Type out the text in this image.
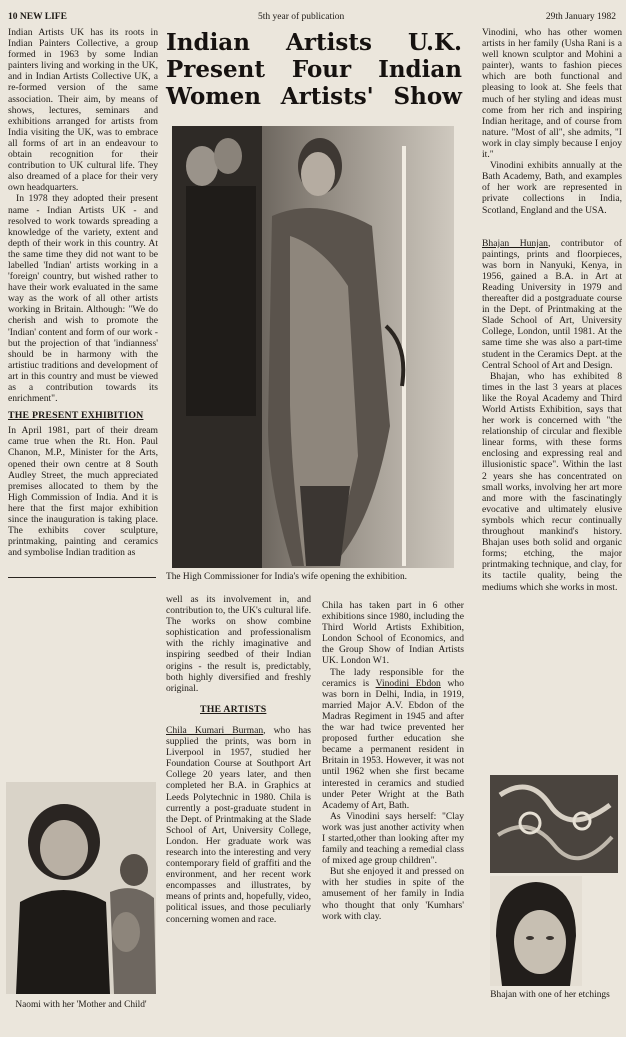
10 NEW LIFE	5th year of publication	29th January 1982
Indian Artists U.K.
Present Four Indian
Women Artists' Show

Indian Artists UK has its roots in Indian Painters Collective, a group formed in 1963 by some Indian painters living and working in the UK, and in Indian Artists Collective UK, a re-formed version of the same association. Their aim, by means of shows, lectures, seminars and exhibitions arranged for artists from India visiting the UK, was to embrace all forms of art in an endeavour to obtain recognition for their contribution to UK cultural life. They also dreamed of a place for their very own headquarters.

In 1978 they adopted their present name - Indian Artists UK - and resolved to work towards spreading a knowledge of the variety, extent and depth of their work in this country. At the same time they did not want to be labelled 'Indian' artists working in a 'foreign' country, but wished rather to have their work evaluated in the same way as the work of all other artists working in Britain. Although: "We do cherish and wish to promote the 'Indian' content and form of our work - but the projection of that 'indianness' should be in harmony with the artistiuc traditions and development of art in this country and must be viewed as a contribution towards its enrichment".

THE PRESENT EXHIBITION

In April 1981, part of their dream came true when the Rt. Hon. Paul Chanon, M.P., Minister for the Arts, opened their own centre at 8 South Audley Street, the much appreciated premises allocated to them by the High Commission of India. And it is here that the first major exhibition since the inauguration is taking place. The exhibits cover sculpture, printmaking, painting and ceramics and symbolise Indian tradition as

The High Commissioner for India's wife opening the exhibition.

well as its involvement in, and contribution to, the UK's cultural life. The works on show combine sophistication and professionalism with the richly imaginative and inspiring seedbed of their Indian origins - the result is, predictably, both highly diversified and freshly original.

THE ARTISTS

Chila Kumari Burman, who has supplied the prints, was born in Liverpool in 1957, studied her Foundation Course at Southport Art College 20 years later, and then completed her B.A. in Graphics at Leeds Polytechnic in 1980. Chila is currently a post-graduate student in the Dept. of Printmaking at the Slade School of Art, University College, London. Her graduate work was research into the interesting and very contemporary field of graffiti and the environment, and her recent work encompasses and illustrates, by means of prints and, hopefully, video, political issues, and those peculiarly concerning women and race.

Chila has taken part in 6 other exhibitions since 1980, including the Third World Artists Exhibition, London School of Economics, and the Group Show of Indian Artists UK. London W1.

The lady responsible for the ceramics is Vinodini Ebdon who was born in Delhi, India, in 1919, married Major A.V. Ebdon of the Madras Regiment in 1945 and after the war had twice prevented her proposed further education she became a permanent resident in Britain in 1953. However, it was not until 1962 when she first became interested in ceramics and studied under Peter Wright at the Bath Academy of Art, Bath.

As Vinodini says herself: "Clay work was just another activity when I started,other than looking after my family and teaching a remedial class of mixed age group children".

But she enjoyed it and pressed on with her studies in spite of the amusement of her family in India who thought that only 'Kumhars' work with clay.

Vinodini, who has other women artists in her family (Usha Rani is a well known sculptor and Mohini a painter), wants to fashion pieces which are both functional and pleasing to look at. She feels that much of her styling and ideas must come from her rich and inspiring Indian heritage, and of course from nature. "Most of all", she admits, "I work in clay simply because I enjoy it."

Vinodini exhibits annually at the Bath Academy, Bath, and examples of her work are represented in private collections in India, Scotland, England and the USA.

Bhajan Hunjan, contributor of paintings, prints and floorpieces, was born in Nanyuki, Kenya, in 1956, gained a B.A. in Art at Reading University in 1979 and thereafter did a postgraduate course in the Dept. of Printmaking at the Slade School of Art, University College, London, until 1981. At the same time she was also a part-time student in the Ceramics Dept. at the Central School of Art and Design.

Bhajan, who has exhibited 8 times in the last 3 years at places like the Royal Academy and Third World Artists Exhibition, says that her work is concerned with "the relationship of circular and flexible linear forms, with these forms enclosing and expressing real and illusionistic space". Within the last 2 years she has concentrated on small works, involving her art more and more with the fascinatingly evocative and ultimately elusive symbols which recur continually throughout mankind's history. Bhajan uses both solid and organic forms; etching, the major printmaking technique, and clay, for its tactile quality, being the mediums which she works in most.

Naomi with her 'Mother and Child'
Bhajan with one of her etchings
